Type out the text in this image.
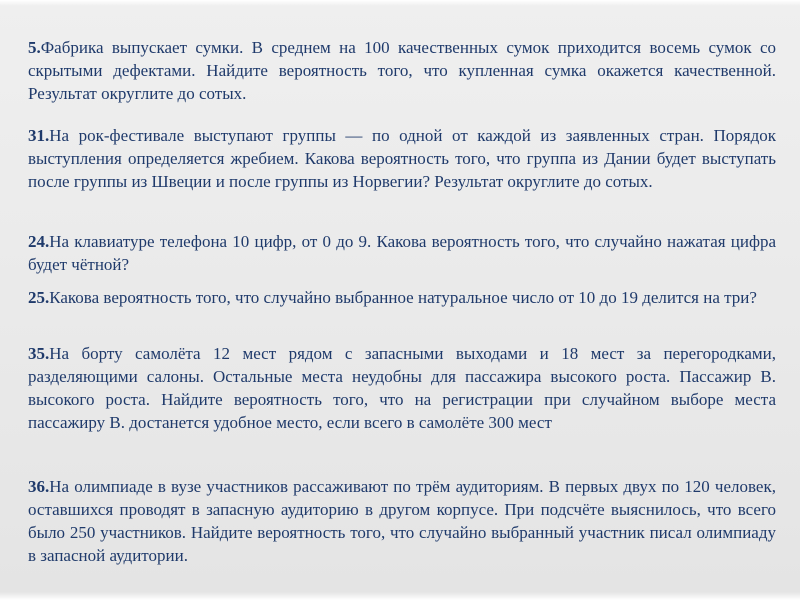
5.Фабрика выпускает сумки. В среднем на 100 качественных сумок приходится восемь сумок со скрытыми дефектами. Найдите вероятность того, что купленная сумка окажется качественной. Результат округлите до сотых.

31.На рок-фестивале выступают группы — по одной от каждой из заявленных стран. Порядок выступления определяется жребием. Какова вероятность того, что группа из Дании будет выступать после группы из Швеции и после группы из Норвегии? Результат округлите до сотых.

24.На клавиатуре телефона 10 цифр, от 0 до 9. Какова вероятность того, что случайно нажатая цифра будет чётной?

25.Какова вероятность того, что случайно выбранное натуральное число от 10 до 19 делится на три?

35.На борту самолёта 12 мест рядом с запасными выходами и 18 мест за перегородками, разделяющими салоны. Остальные места неудобны для пассажира высокого роста. Пассажир В. высокого роста. Найдите вероятность того, что на регистрации при случайном выборе места пассажиру В. достанется удобное место, если всего в самолёте 300 мест

36.На олимпиаде в вузе участников рассаживают по трём аудиториям. В первых двух по 120 человек, оставшихся проводят в запасную аудиторию в другом корпусе. При подсчёте выяснилось, что всего было 250 участников. Найдите вероятность того, что случайно выбранный участник писал олимпиаду в запасной аудитории.
